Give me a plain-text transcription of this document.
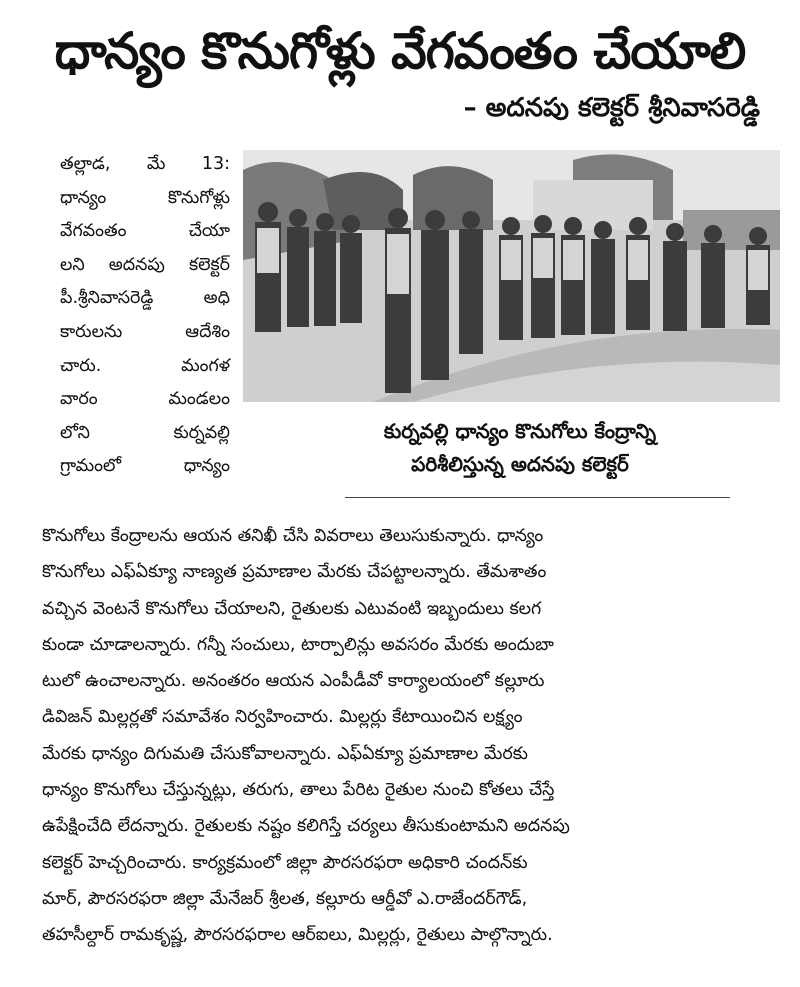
ధాన్యం కొనుగోళ్లు వేగవంతం చేయాలి
– అదనపు కలెక్టర్ శ్రీనివాసరెడ్డి
కుర్నవల్లి ధాన్యం కొనుగోలు కేంద్రాన్ని
పరిశీలిస్తున్న అదనపు కలెక్టర్
తల్లాడ, మే 13:
ధాన్యం కొనుగోళ్లు
వేగవంతం చేయా
లని అదనపు కలెక్టర్
పీ.శ్రీనివాసరెడ్డి అధి
కారులను ఆదేశిం
చారు. మంగళ
వారం మండలం
లోని కుర్నవల్లి
గ్రామంలో ధాన్యం
కొనుగోలు కేంద్రాలను ఆయన తనిఖీ చేసి వివరాలు తెలుసుకున్నారు. ధాన్యం
కొనుగోలు ఎఫ్ఏక్యూ నాణ్యత ప్రమాణాల మేరకు చేపట్టాలన్నారు. తేమశాతం
వచ్చిన వెంటనే కొనుగోలు చేయాలని, రైతులకు ఎటువంటి ఇబ్బందులు కలగ
కుండా చూడాలన్నారు. గన్నీ సంచులు, టార్పాలిన్లు అవసరం మేరకు అందుబా
టులో ఉంచాలన్నారు. అనంతరం ఆయన ఎంపీడీవో కార్యాలయంలో కల్లూరు
డివిజన్ మిల్లర్లతో సమావేశం నిర్వహించారు. మిల్లర్లు కేటాయించిన లక్ష్యం
మేరకు ధాన్యం దిగుమతి చేసుకోవాలన్నారు. ఎఫ్ఏక్యూ ప్రమాణాల మేరకు
ధాన్యం కొనుగోలు చేస్తున్నట్లు, తరుగు, తాలు పేరిట రైతుల నుంచి కోతలు చేస్తే
ఉపేక్షించేది లేదన్నారు. రైతులకు నష్టం కలిగిస్తే చర్యలు తీసుకుంటామని అదనపు
కలెక్టర్ హెచ్చరించారు. కార్యక్రమంలో జిల్లా పౌరసరఫరా అధికారి చందన్‌కు
మార్, పౌరసరఫరా జిల్లా మేనేజర్ శ్రీలత, కల్లూరు ఆర్డీవో ఎ.రాజేందర్‌గౌడ్,
తహసీల్దార్ రామకృష్ణ, పౌరసరఫరాల ఆర్ఐలు, మిల్లర్లు, రైతులు పాల్గొన్నారు.
